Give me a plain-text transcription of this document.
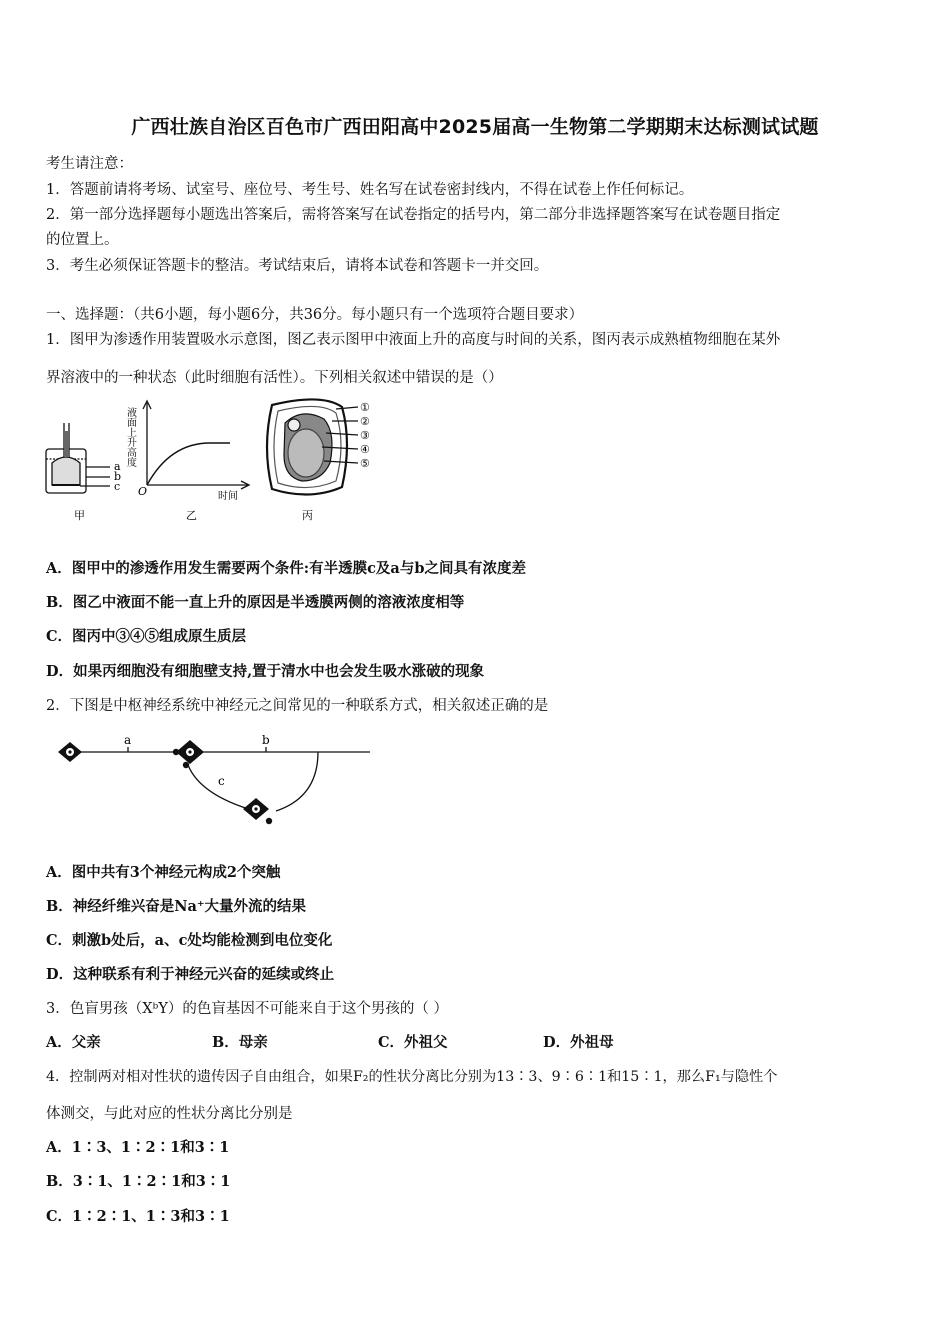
广西壮族自治区百色市广西田阳高中2025届高一生物第二学期期末达标测试试题
考生请注意：
1．答题前请将考场、试室号、座位号、考生号、姓名写在试卷密封线内，不得在试卷上作任何标记。
2．第一部分选择题每小题选出答案后，需将答案写在试卷指定的括号内，第二部分非选择题答案写在试卷题目指定
的位置上。
3．考生必须保证答题卡的整洁。考试结束后，请将本试卷和答题卡一并交回。
一、选择题：（共6小题，每小题6分，共36分。每小题只有一个选项符合题目要求）
1．图甲为渗透作用装置吸水示意图，图乙表示图甲中液面上升的高度与时间的关系，图丙表示成熟植物细胞在某外
界溶液中的一种状态（此时细胞有活性）。下列相关叙述中错误的是（）
a
b
c
甲
液面上升高度
时间
O
乙
①
②
③
④
⑤
丙
A．图甲中的渗透作用发生需要两个条件:有半透膜c及a与b之间具有浓度差
B．图乙中液面不能一直上升的原因是半透膜两侧的溶液浓度相等
C．图丙中③④⑤组成原生质层
D．如果丙细胞没有细胞壁支持,置于清水中也会发生吸水涨破的现象
2．下图是中枢神经系统中神经元之间常见的一种联系方式，相关叙述正确的是
a	b
c
A．图中共有3个神经元构成2个突触
B．神经纤维兴奋是Na⁺大量外流的结果
C．刺激b处后，a、c处均能检测到电位变化
D．这种联系有利于神经元兴奋的延续或终止
3．色盲男孩（XᵇY）的色盲基因不可能来自于这个男孩的（ ）
A．父亲	B．母亲	C．外祖父	D．外祖母
4．控制两对相对性状的遗传因子自由组合，如果F₂的性状分离比分别为13∶3、9∶6∶1和15∶1，那么F₁与隐性个
体测交，与此对应的性状分离比分别是
A．1∶3、1∶2∶1和3∶1
B．3∶1、1∶2∶1和3∶1
C．1∶2∶1、1∶3和3∶1
